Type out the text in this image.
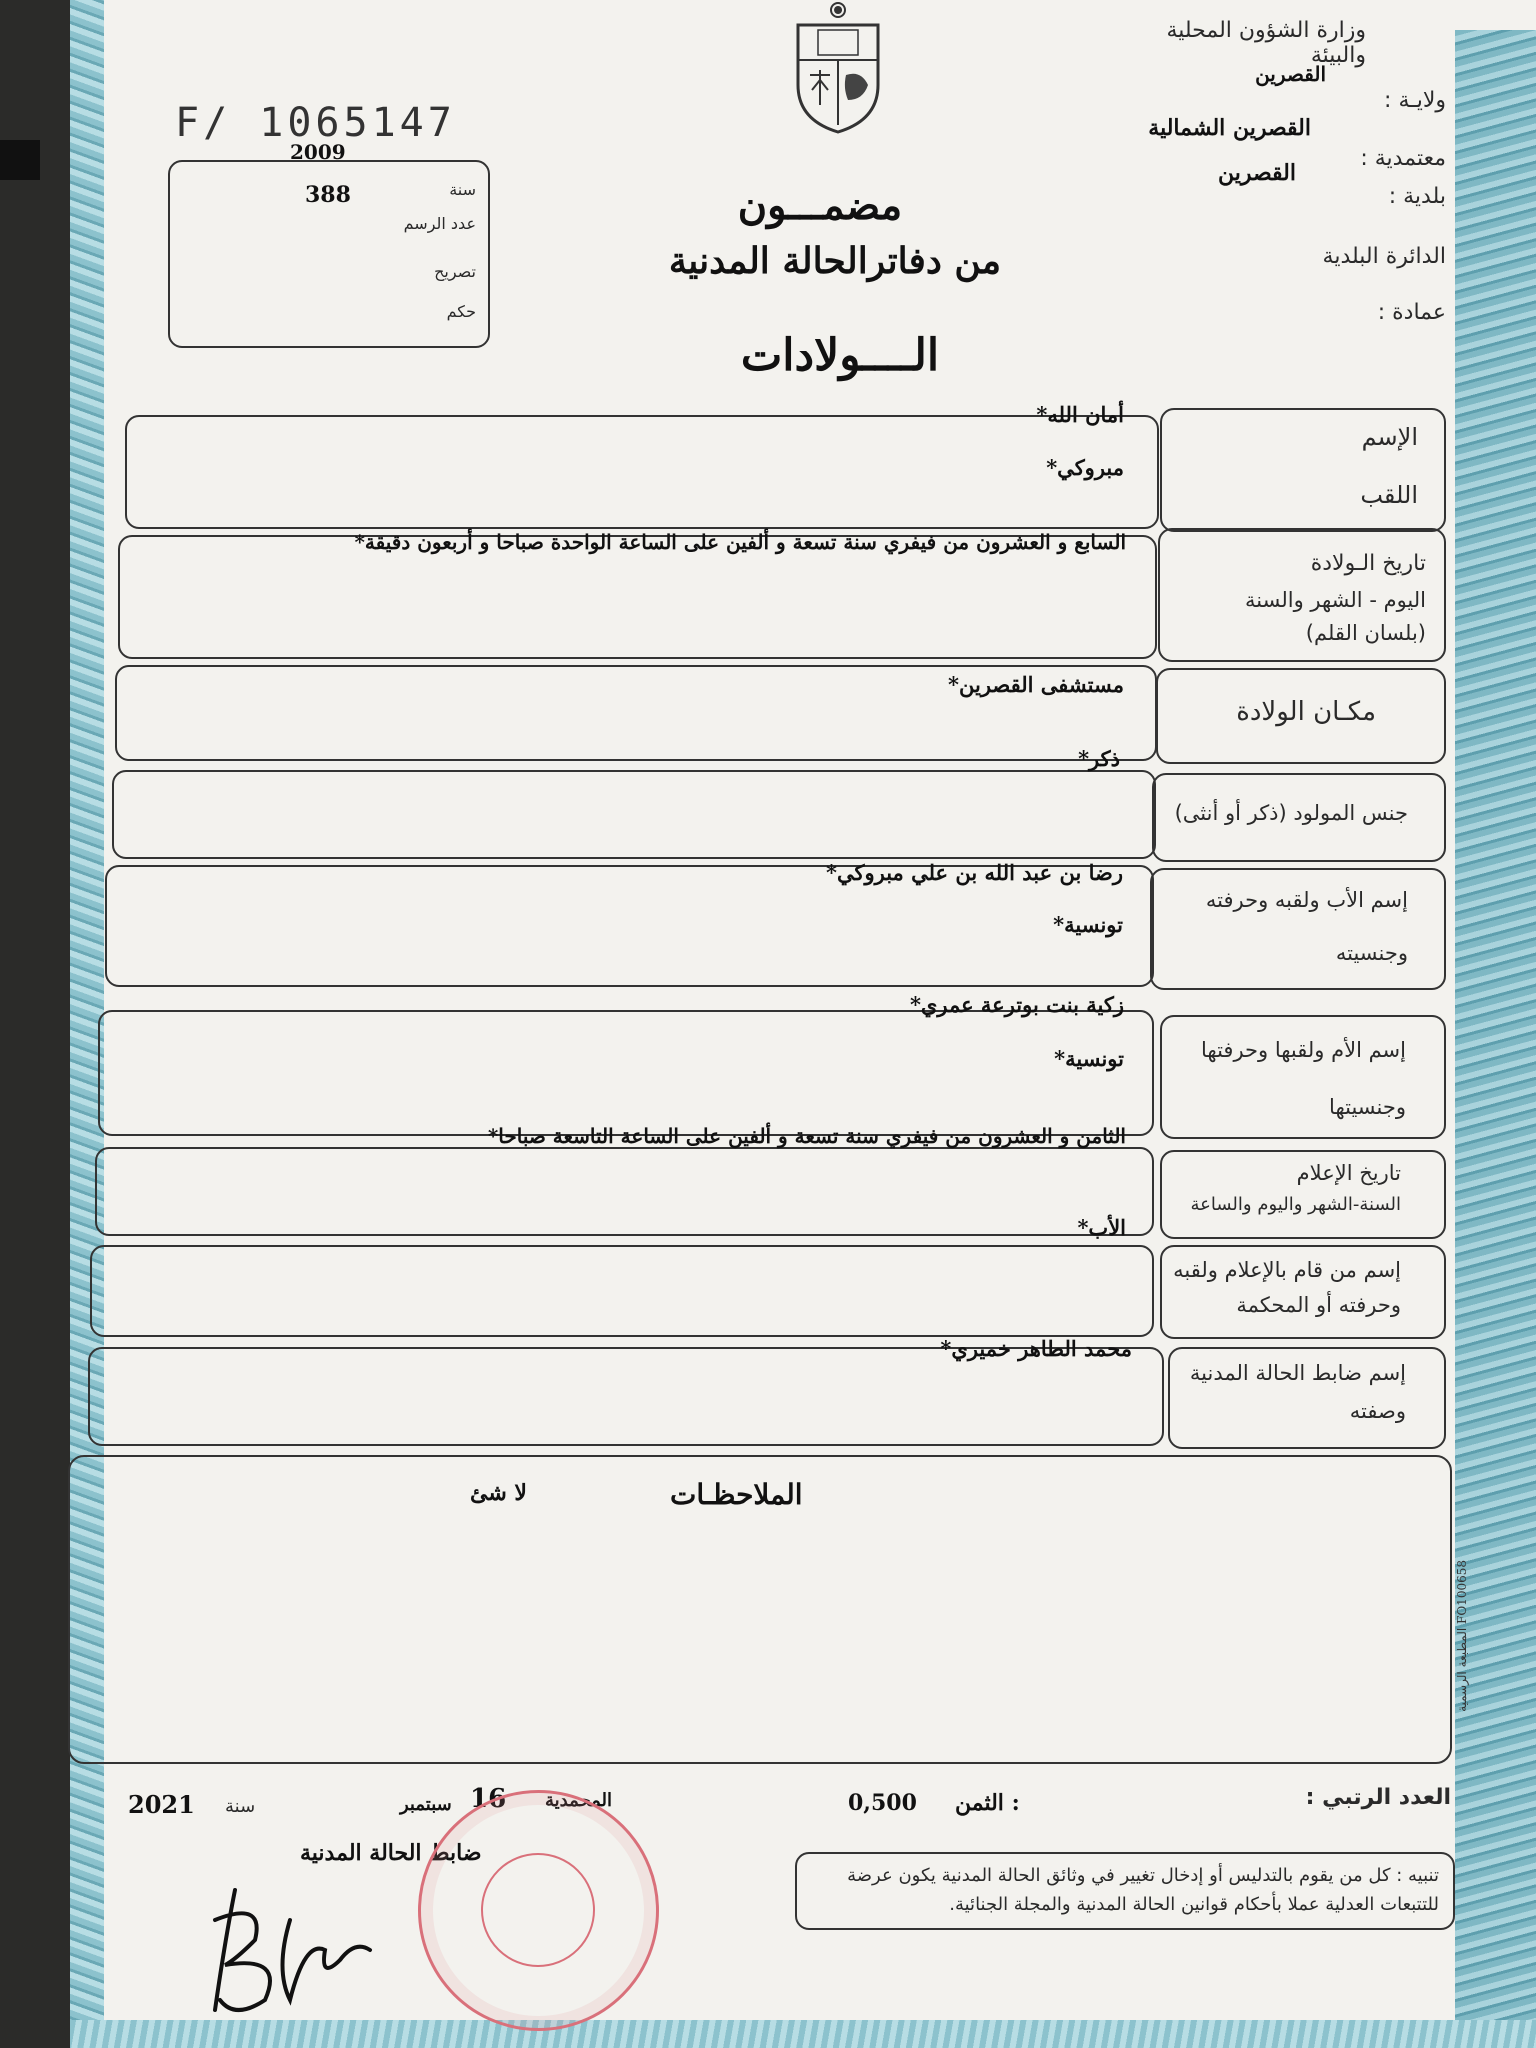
F/ 1065147
2009
388	سنة
عدد الرسم
تصريح
حكم
وزارة الشؤون المحلية والبيئة
ولايـة :
القصرين
معتمدية :
القصرين الشمالية
بلدية :
القصرين
الدائرة البلدية
عمادة :
مضمـــون
من دفاترالحالة المدنية
الــــولادات
الإسم
اللقب
أمان الله*
مبروكي*
تاريخ الـولادة
اليوم - الشهر والسنة
(بلسان القلم)
السابع و العشرون من فيفري سنة تسعة و ألفين على الساعة الواحدة صباحا و أربعون دقيقة*
مكـان الولادة
مستشفى القصرين*
جنس المولود (ذكر أو أنثى)
ذكر*
إسم الأب ولقبه وحرفته
وجنسيته
رضا بن عبد الله بن علي مبروكي*
تونسية*
إسم الأم ولقبها وحرفتها
وجنسيتها
زكية بنت بوترعة عمري*
تونسية*
تاريخ الإعلام
السنة-الشهر واليوم والساعة
الثامن و العشرون من فيفري سنة تسعة و ألفين على الساعة التاسعة صباحا*
إسم من قام بالإعلام ولقبه
وحرفته أو المحكمة
الأب*
إسم ضابط الحالة المدنية
وصفته
محمد الطاهر خميري*
الملاحظـات
لا شئ
المطبعة الرسمية FO100658
العدد الرتبي :
الثمن :
0,500
المحمدية
16
سبتمبر
سنة
2021
ضابط الحالة المدنية
تنبيه : كل من يقوم بالتدليس أو إدخال تغيير في وثائق الحالة المدنية يكون عرضة للتتبعات العدلية عملا بأحكام قوانين الحالة المدنية والمجلة الجنائية.
